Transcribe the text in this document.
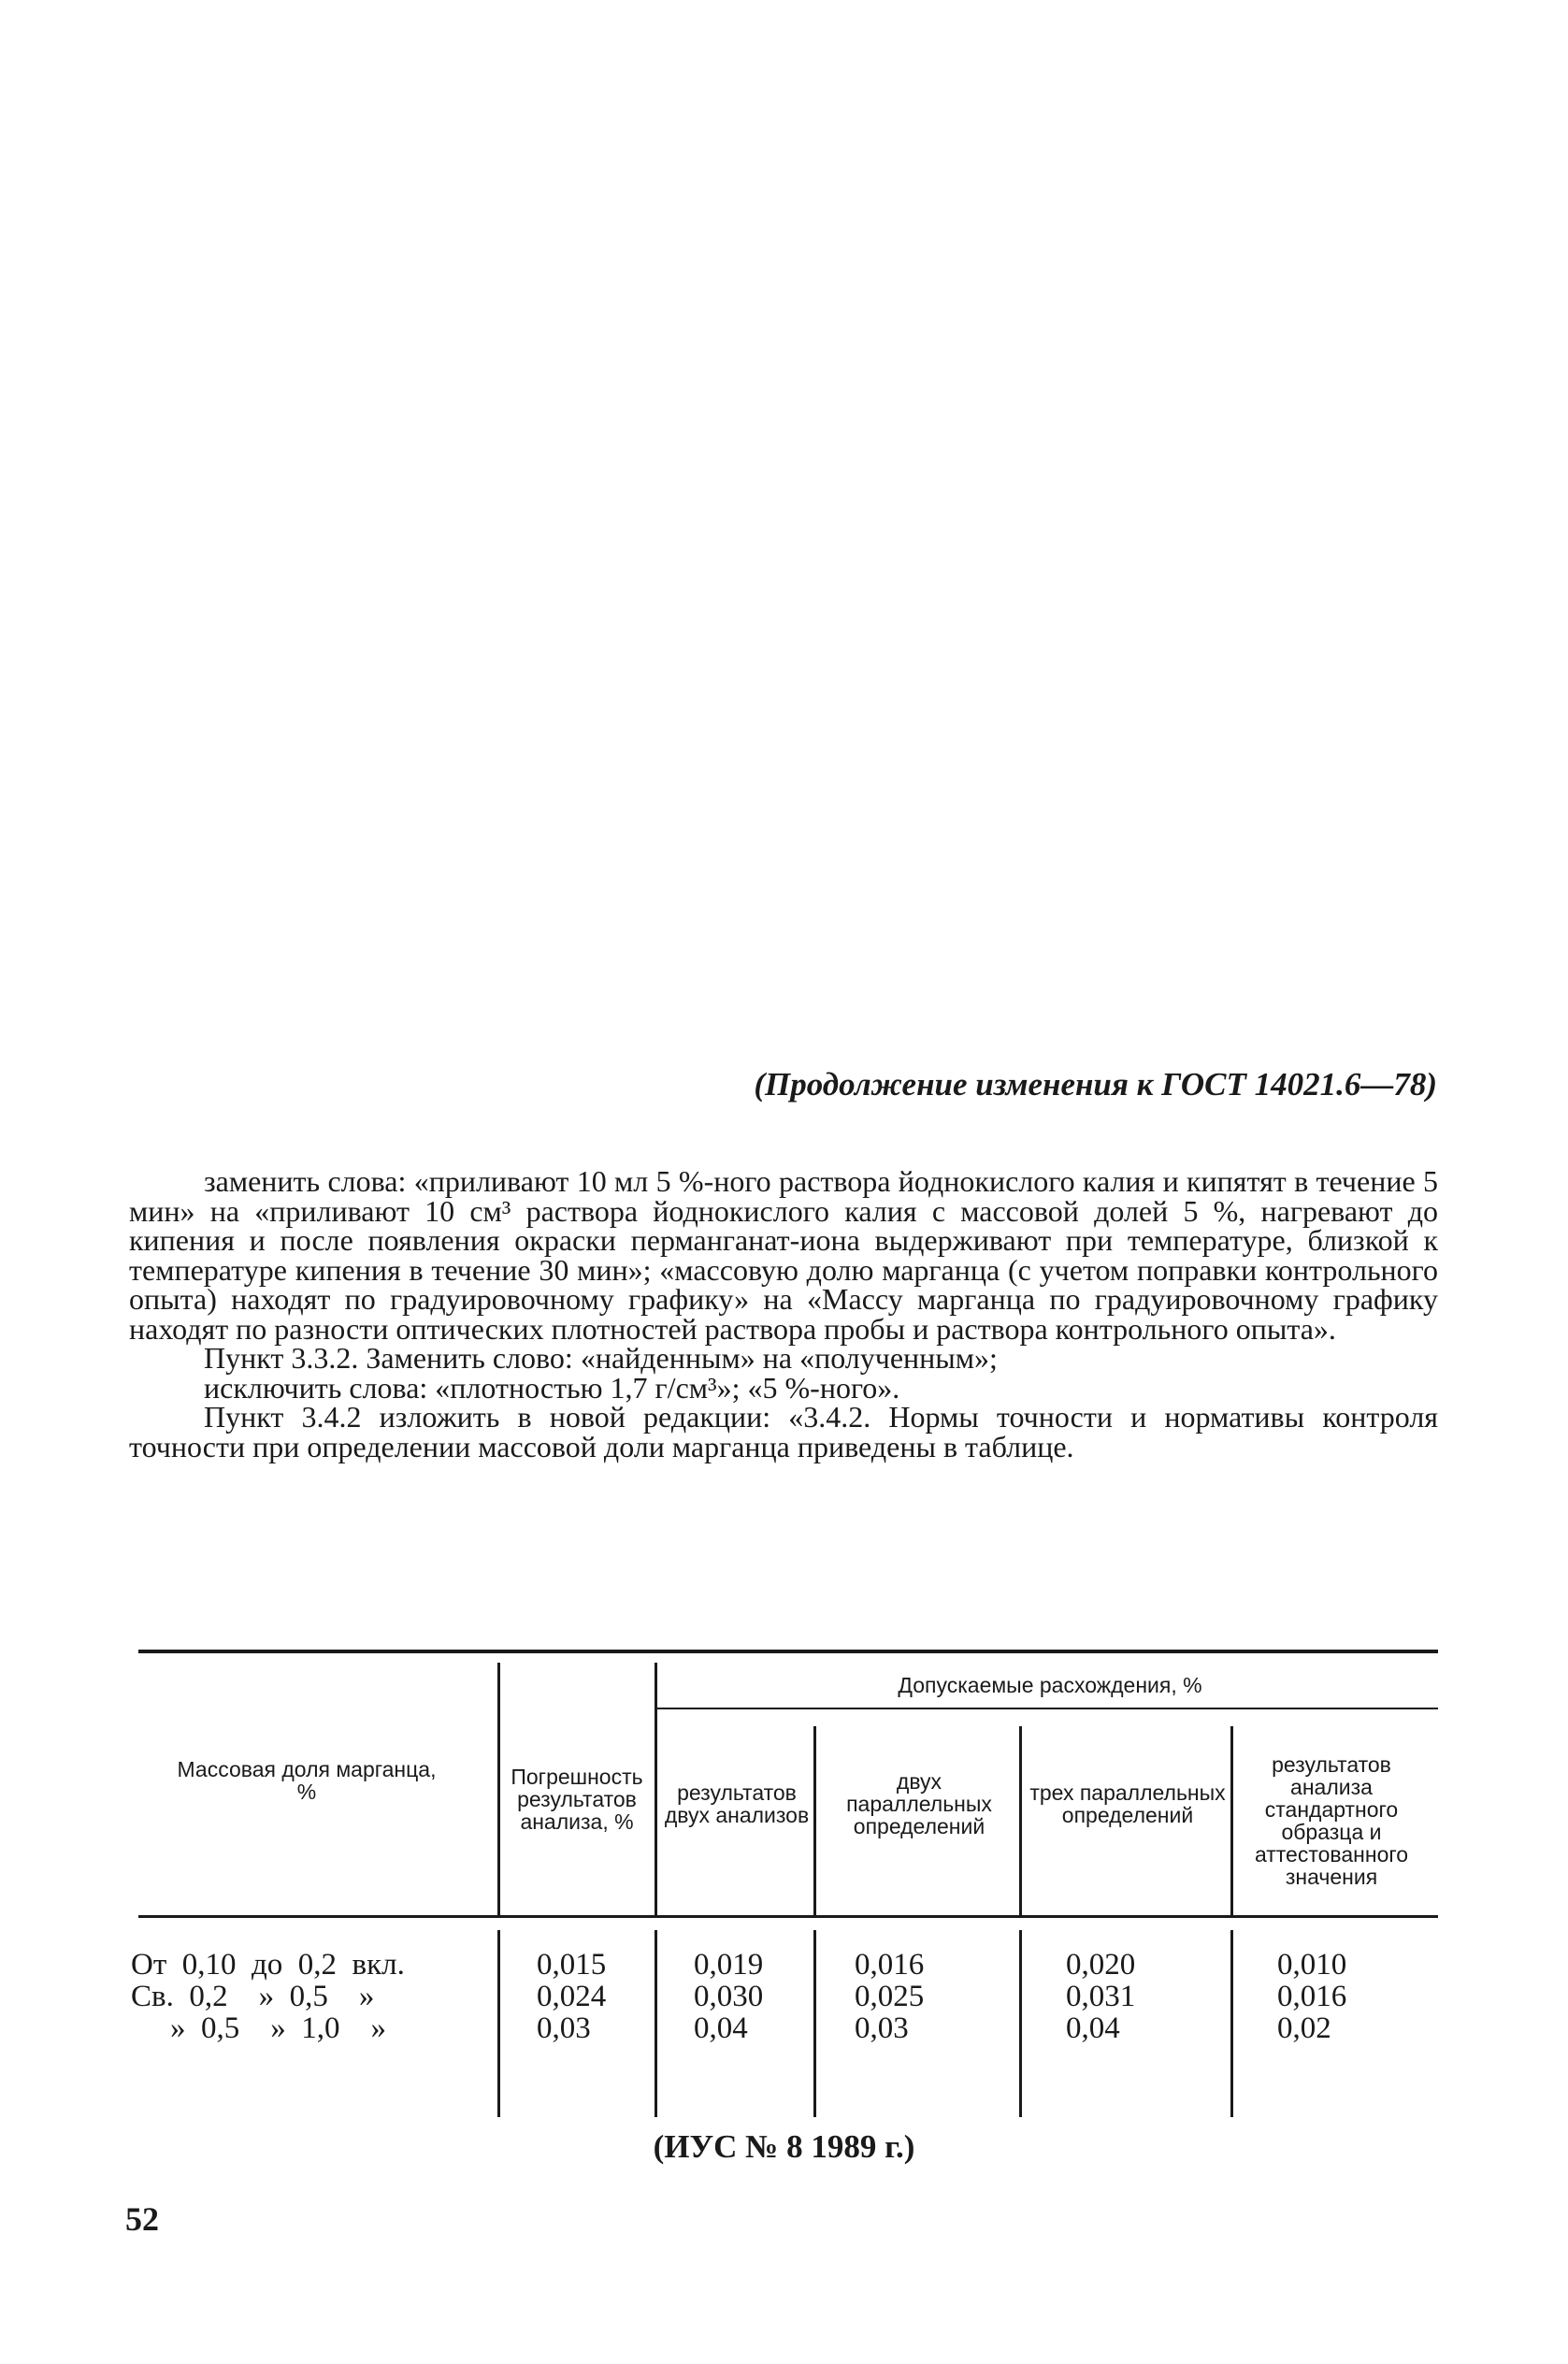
(Продолжение изменения к ГОСТ 14021.6—78)

заменить слова: «приливают 10 мл 5 %-ного раствора йоднокислого калия и кипятят в течение 5 мин» на «приливают 10 см³ раствора йоднокислого калия с массовой долей 5 %, нагревают до кипения и после появления окраски перманганат-иона выдерживают при температуре, близкой к температуре кипения в течение 30 мин»; «массовую долю марганца (с учетом поправки контрольного опыта) находят по градуировочному графику» на «Массу марганца по градуировочному графику находят по разности оптических плотностей раствора пробы и раствора контрольного опыта».

Пункт 3.3.2. Заменить слово: «найденным» на «полученным»;

исключить слова: «плотностью 1,7 г/см³»; «5 %-ного».

Пункт 3.4.2 изложить в новой редакции: «3.4.2. Нормы точности и нормативы контроля точности при определении массовой доли марганца приведены в таблице.

Массовая доля марганца, %
Погрешность результатов анализа, %
Допускаемые расхождения, %
результатов двух анализов
двух параллельных определений
трех параллельных определений
результатов анализа стандартного образца и аттестованного значения
От  0,10  до  0,2  вкл.
Св.  0,2    »  0,5    »
»  0,5    »  1,0    »
0,015
0,024
0,03
0,019
0,030
0,04
0,016
0,025
0,03
0,020
0,031
0,04
0,010
0,016
0,02
(ИУС № 8 1989 г.)
52
